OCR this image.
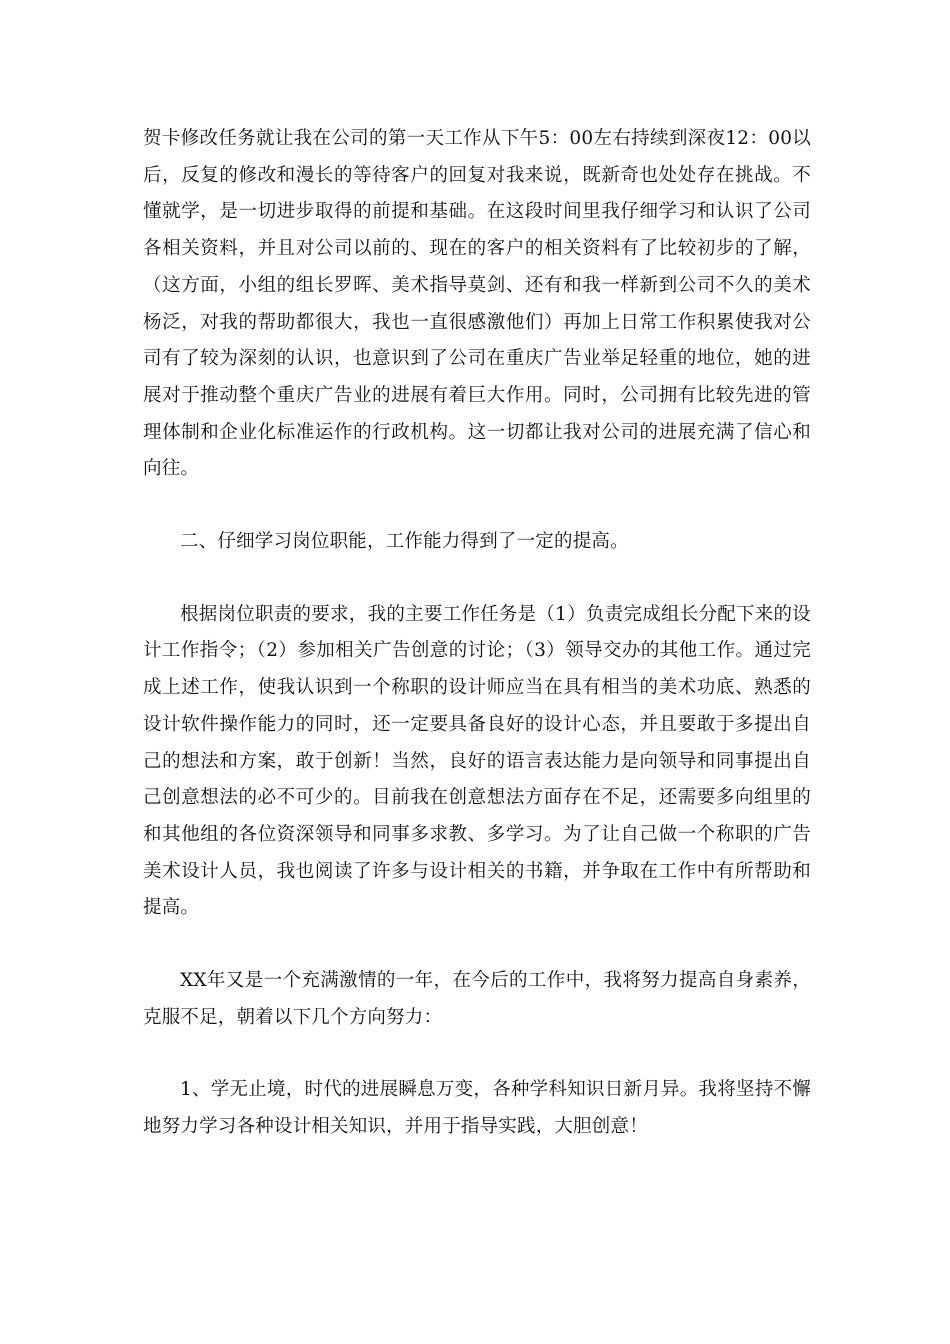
贺卡修改任务就让我在公司的第一天工作从下午5：00左右持续到深夜12：00以后，反复的修改和漫长的等待客户的回复对我来说，既新奇也处处存在挑战。不懂就学，是一切进步取得的前提和基础。在这段时间里我仔细学习和认识了公司各相关资料，并且对公司以前的、现在的客户的相关资料有了比较初步的了解，（这方面，小组的组长罗晖、美术指导莫剑、还有和我一样新到公司不久的美术杨泛，对我的帮助都很大，我也一直很感激他们）再加上日常工作积累使我对公司有了较为深刻的认识，也意识到了公司在重庆广告业举足轻重的地位，她的进展对于推动整个重庆广告业的进展有着巨大作用。同时，公司拥有比较先进的管理体制和企业化标准运作的行政机构。这一切都让我对公司的进展充满了信心和向往。

二、仔细学习岗位职能，工作能力得到了一定的提高。

根据岗位职责的要求，我的主要工作任务是（1）负责完成组长分配下来的设计工作指令；（2）参加相关广告创意的讨论；（3）领导交办的其他工作。通过完成上述工作，使我认识到一个称职的设计师应当在具有相当的美术功底、熟悉的设计软件操作能力的同时，还一定要具备良好的设计心态，并且要敢于多提出自己的想法和方案，敢于创新！当然，良好的语言表达能力是向领导和同事提出自己创意想法的必不可少的。目前我在创意想法方面存在不足，还需要多向组里的和其他组的各位资深领导和同事多求教、多学习。为了让自己做一个称职的广告美术设计人员，我也阅读了许多与设计相关的书籍，并争取在工作中有所帮助和提高。

XX年又是一个充满激情的一年，在今后的工作中，我将努力提高自身素养，克服不足，朝着以下几个方向努力：

1、学无止境，时代的进展瞬息万变，各种学科知识日新月异。我将坚持不懈地努力学习各种设计相关知识，并用于指导实践，大胆创意！
